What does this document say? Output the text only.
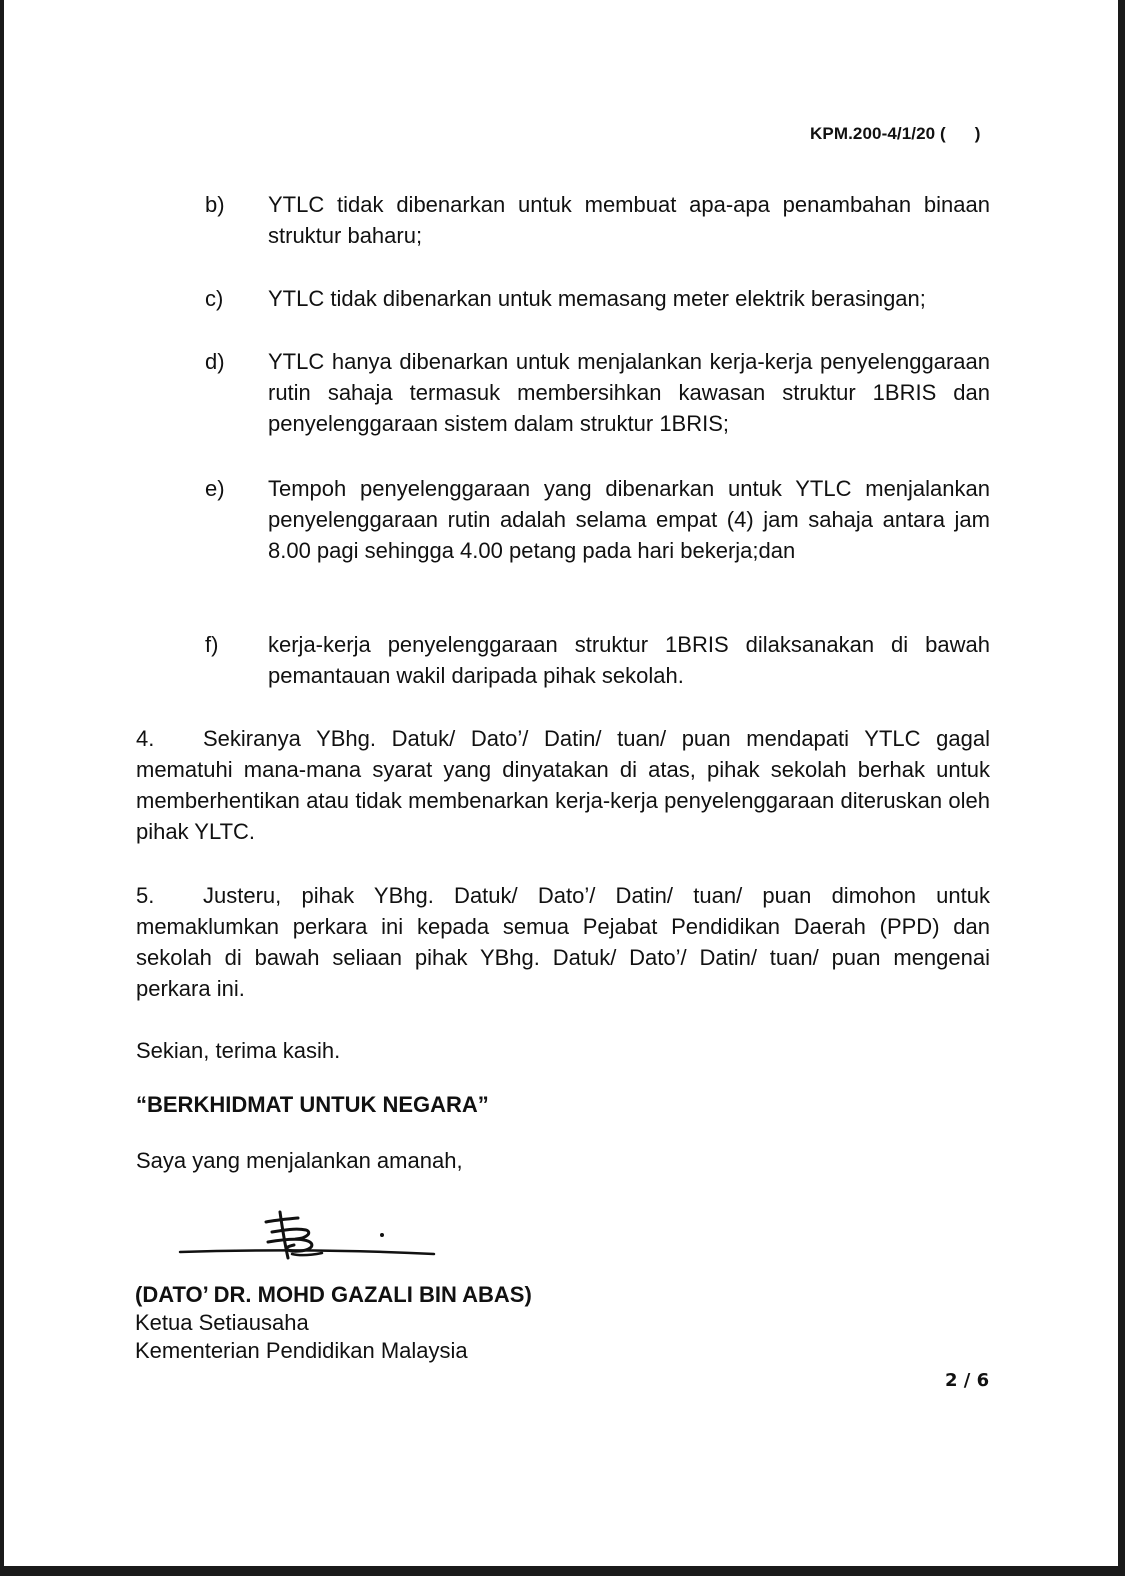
KPM.200-4/1/20 (      )
b) YTLC tidak dibenarkan untuk membuat apa-apa penambahan binaan struktur baharu;
c) YTLC tidak dibenarkan untuk memasang meter elektrik berasingan;
d) YTLC hanya dibenarkan untuk menjalankan kerja-kerja penyelenggaraan rutin sahaja termasuk membersihkan kawasan struktur 1BRIS dan penyelenggaraan sistem dalam struktur 1BRIS;
e) Tempoh penyelenggaraan yang dibenarkan untuk YTLC menjalankan penyelenggaraan rutin adalah selama empat (4) jam sahaja antara jam 8.00 pagi sehingga 4.00 petang pada hari bekerja;dan
f) kerja-kerja penyelenggaraan struktur 1BRIS dilaksanakan di bawah pemantauan wakil daripada pihak sekolah.
4. Sekiranya YBhg. Datuk/ Dato’/ Datin/ tuan/ puan mendapati YTLC gagal mematuhi mana-mana syarat yang dinyatakan di atas, pihak sekolah berhak untuk memberhentikan atau tidak membenarkan kerja-kerja penyelenggaraan diteruskan oleh pihak YLTC.
5. Justeru, pihak YBhg. Datuk/ Dato’/ Datin/ tuan/ puan dimohon untuk memaklumkan perkara ini kepada semua Pejabat Pendidikan Daerah (PPD) dan sekolah di bawah seliaan pihak YBhg. Datuk/ Dato’/ Datin/ tuan/ puan mengenai perkara ini.
Sekian, terima kasih.
“BERKHIDMAT UNTUK NEGARA”
Saya yang menjalankan amanah,
(DATO’ DR. MOHD GAZALI BIN ABAS)
Ketua Setiausaha
Kementerian Pendidikan Malaysia
2 / 6
